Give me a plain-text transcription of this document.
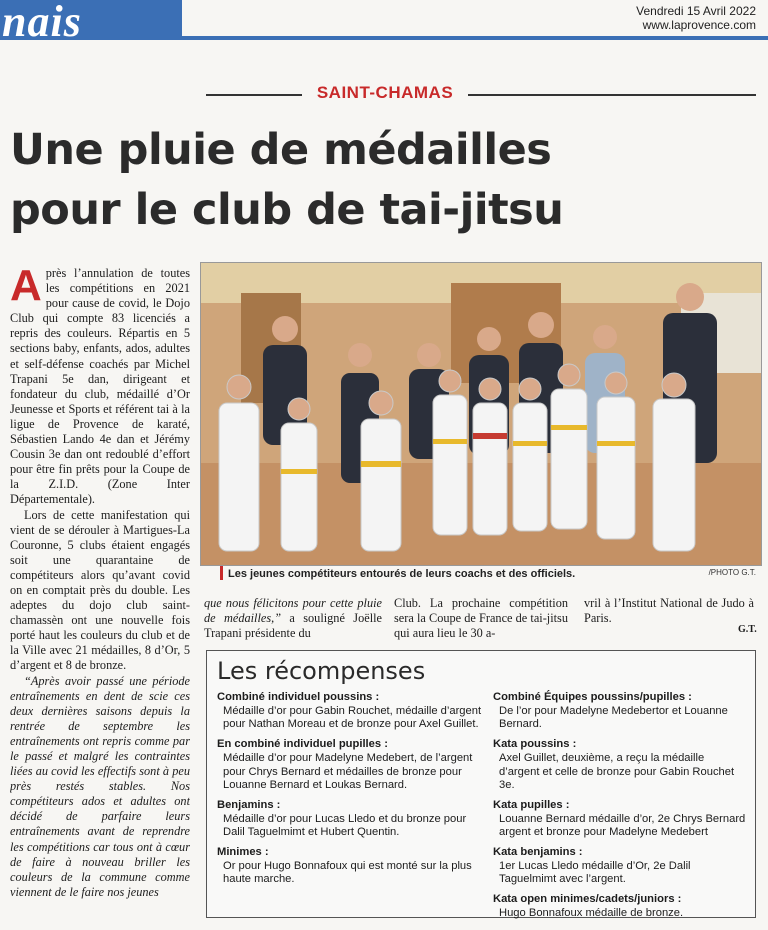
nais	Vendredi 15 Avril 2022
www.laprovence.com
SAINT-CHAMAS
Une pluie de médailles
pour le club de tai-jitsu

Après l’annulation de toutes les compétitions en 2021 pour cause de covid, le Dojo Club qui compte 83 licenciés a repris des couleurs. Répartis en 5 sections baby, enfants, ados, adultes et self-défense coachés par Michel Trapani 5e dan, dirigeant et fondateur du club, médaillé d’Or Jeunesse et Sports et référent tai à la ligue de Provence de karaté, Sébastien Lando 4e dan et Jérémy Cousin 3e dan ont redoublé d’effort pour être fin prêts pour la Coupe de la Z.I.D. (Zone Inter Départementale).

Lors de cette manifestation qui vient de se dérouler à Martigues-La Couronne, 5 clubs étaient engagés soit une quarantaine de compétiteurs alors qu’avant covid on en comptait près du double. Les adeptes du dojo club saint-chamassèn ont une nouvelle fois porté haut les couleurs du club et de la Ville avec 21 médailles, 8 d’Or, 5 d’argent et 8 de bronze.

“Après avoir passé une période entraînements en dent de scie ces deux dernières saisons depuis la rentrée de septembre les entraînements ont repris comme par le passé et malgré les contraintes liées au covid les effectifs sont à peu près restés stables. Nos compétiteurs ados et adultes ont décidé de parfaire leurs entraînements avant de reprendre les compétitions car tous ont à cœur de faire à nouveau briller les couleurs de la commune comme viennent de le faire nos jeunes

Les jeunes compétiteurs entourés de leurs coachs et des officiels.	/PHOTO G.T.

que nous félicitons pour cette pluie de médailles,” a souligné Joëlle Trapani présidente du

Club. La prochaine compétition sera la Coupe de France de tai-jitsu qui aura lieu le 30 a-

vril à l’Institut National de Judo à Paris.

G.T.
Les récompenses
Combiné individuel poussins :
Médaille d’or pour Gabin Rouchet, médaille d’argent pour Nathan Moreau et de bronze pour Axel Guillet.
En combiné individuel pupilles :
Médaille d’or pour Madelyne Medebert, de l’argent pour Chrys Bernard et médailles de bronze pour Louanne Bernard et Loukas Bernard.
Benjamins :
Médaille d’or pour Lucas Lledo et du bronze pour Dalil Taguelmimt et Hubert Quentin.
Minimes :
Or pour Hugo Bonnafoux qui est monté sur la plus haute marche.
Combiné Équipes poussins/pupilles :
De l’or pour Madelyne Medebertor et Louanne Bernard.
Kata poussins :
Axel Guillet, deuxième, a reçu la médaille d’argent et celle de bronze pour Gabin Rouchet 3e.
Kata pupilles :
Louanne Bernard médaille d’or, 2e Chrys Bernard argent et bronze pour Madelyne Medebert
Kata benjamins :
1er Lucas Lledo médaille d’Or, 2e Dalil Taguelmimt avec l’argent.
Kata open minimes/cadets/juniors :
Hugo Bonnafoux médaille de bronze.
